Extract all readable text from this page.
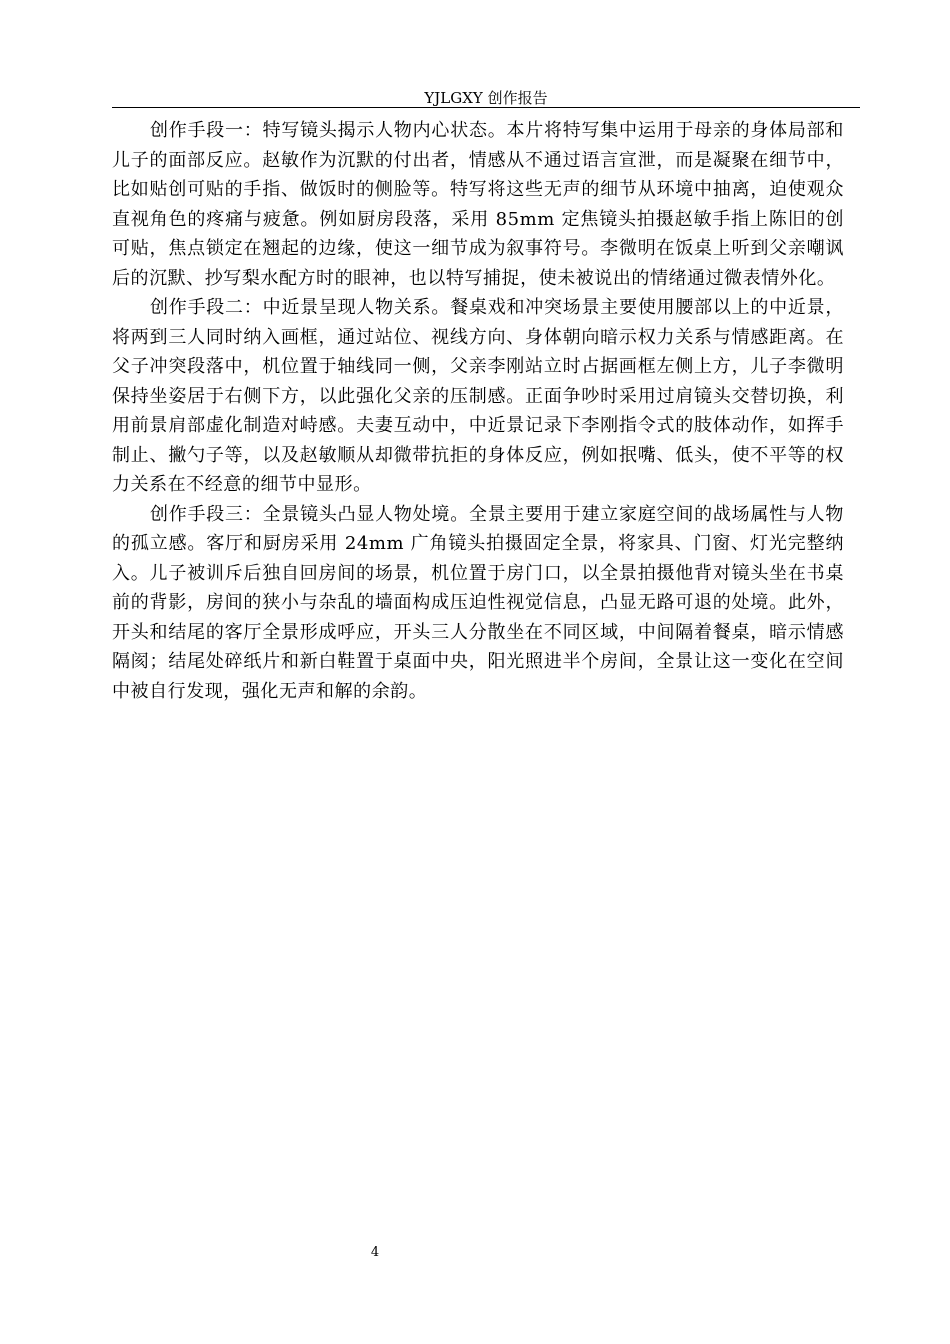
YJLGXY 创作报告

创作手段一：特写镜头揭示人物内心状态。本片将特写集中运用于母亲的身体局部和儿子的面部反应。赵敏作为沉默的付出者，情感从不通过语言宣泄，而是凝聚在细节中，比如贴创可贴的手指、做饭时的侧脸等。特写将这些无声的细节从环境中抽离，迫使观众直视角色的疼痛与疲惫。例如厨房段落，采用 85mm 定焦镜头拍摄赵敏手指上陈旧的创可贴，焦点锁定在翘起的边缘，使这一细节成为叙事符号。李微明在饭桌上听到父亲嘲讽后的沉默、抄写梨水配方时的眼神，也以特写捕捉，使未被说出的情绪通过微表情外化。

创作手段二：中近景呈现人物关系。餐桌戏和冲突场景主要使用腰部以上的中近景，将两到三人同时纳入画框，通过站位、视线方向、身体朝向暗示权力关系与情感距离。在父子冲突段落中，机位置于轴线同一侧，父亲李刚站立时占据画框左侧上方，儿子李微明保持坐姿居于右侧下方，以此强化父亲的压制感。正面争吵时采用过肩镜头交替切换，利用前景肩部虚化制造对峙感。夫妻互动中，中近景记录下李刚指令式的肢体动作，如挥手制止、撇勺子等，以及赵敏顺从却微带抗拒的身体反应，例如抿嘴、低头，使不平等的权力关系在不经意的细节中显形。

创作手段三：全景镜头凸显人物处境。全景主要用于建立家庭空间的战场属性与人物的孤立感。客厅和厨房采用 24mm 广角镜头拍摄固定全景，将家具、门窗、灯光完整纳入。儿子被训斥后独自回房间的场景，机位置于房门口，以全景拍摄他背对镜头坐在书桌前的背影，房间的狭小与杂乱的墙面构成压迫性视觉信息，凸显无路可退的处境。此外，开头和结尾的客厅全景形成呼应，开头三人分散坐在不同区域，中间隔着餐桌，暗示情感隔阂；结尾处碎纸片和新白鞋置于桌面中央，阳光照进半个房间，全景让这一变化在空间中被自行发现，强化无声和解的余韵。

4
